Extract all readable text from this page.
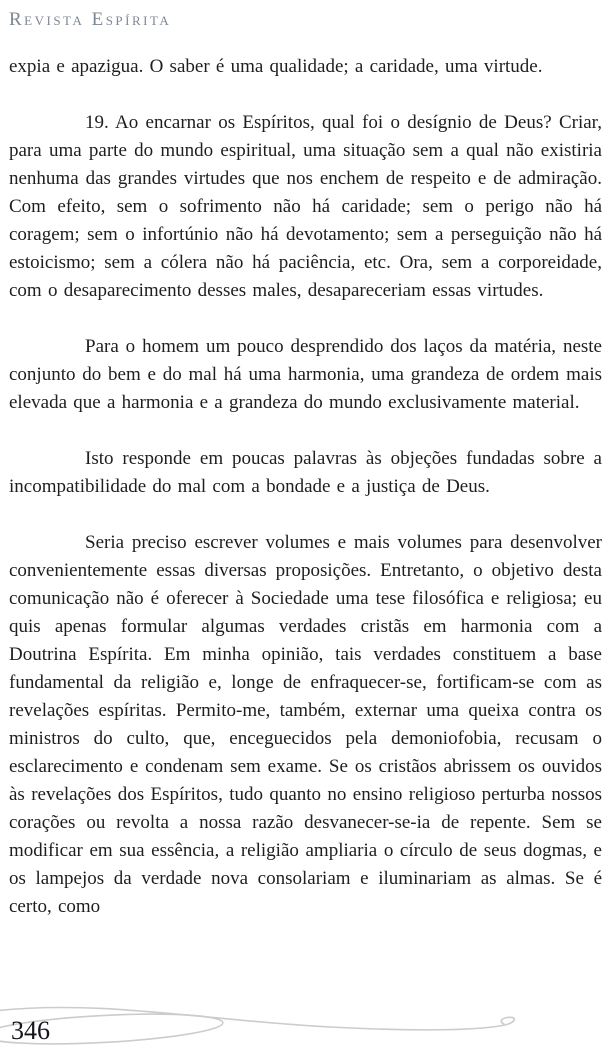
Revista Espírita

expia e apazigua. O saber é uma qualidade; a caridade, uma virtude.

19. Ao encarnar os Espíritos, qual foi o desígnio de Deus? Criar, para uma parte do mundo espiritual, uma situação sem a qual não existiria nenhuma das grandes virtudes que nos enchem de respeito e de admiração. Com efeito, sem o sofrimento não há caridade; sem o perigo não há coragem; sem o infortúnio não há devotamento; sem a perseguição não há estoicismo; sem a cólera não há paciência, etc. Ora, sem a corporeidade, com o desaparecimento desses males, desapareceriam essas virtudes.

Para o homem um pouco desprendido dos laços da matéria, neste conjunto do bem e do mal há uma harmonia, uma grandeza de ordem mais elevada que a harmonia e a grandeza do mundo exclusivamente material.

Isto responde em poucas palavras às objeções fundadas sobre a incompatibilidade do mal com a bondade e a justiça de Deus.

Seria preciso escrever volumes e mais volumes para desenvolver convenientemente essas diversas proposições. Entretanto, o objetivo desta comunicação não é oferecer à Sociedade uma tese filosófica e religiosa; eu quis apenas formular algumas verdades cristãs em harmonia com a Doutrina Espírita. Em minha opinião, tais verdades constituem a base fundamental da religião e, longe de enfraquecer-se, fortificam-se com as revelações espíritas. Permito-me, também, externar uma queixa contra os ministros do culto, que, enceguecidos pela demoniofobia, recusam o esclarecimento e condenam sem exame. Se os cristãos abrissem os ouvidos às revelações dos Espíritos, tudo quanto no ensino religioso perturba nossos corações ou revolta a nossa razão desvanecer-se-ia de repente. Sem se modificar em sua essência, a religião ampliaria o círculo de seus dogmas, e os lampejos da verdade nova consolariam e iluminariam as almas. Se é certo, como

346
